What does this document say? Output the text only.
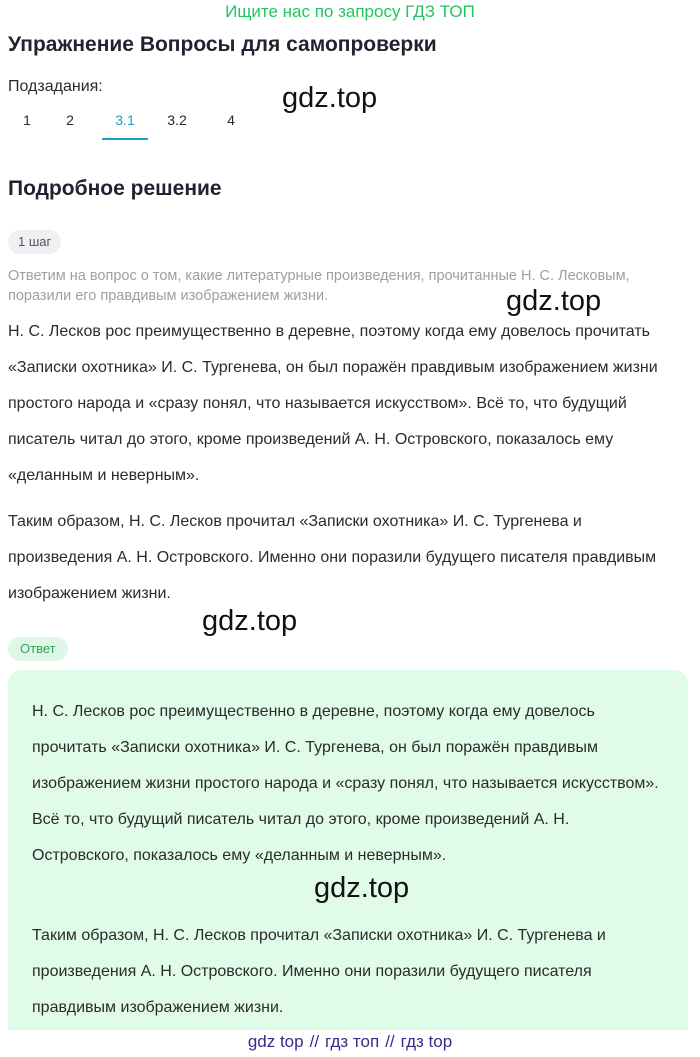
Ищите нас по запросу ГДЗ ТОП
Упражнение Вопросы для самопроверки
Подзадания:
1	2	3.1	3.2	4
gdz.top
Подробное решение
1 шаг

Ответим на вопрос о том, какие литературные произведения, прочитанные Н. С. Лесковым, поразили его правдивым изображением жизни.	gdz.top

Н. С. Лесков рос преимущественно в деревне, поэтому когда ему довелось прочитать «Записки охотника» И. С. Тургенева, он был поражён правдивым изображением жизни простого народа и «сразу понял, что называется искусством». Всё то, что будущий писатель читал до этого, кроме произведений А. Н. Островского, показалось ему «деланным и неверным».

Таким образом, Н. С. Лесков прочитал «Записки охотника» И. С. Тургенева и произведения А. Н. Островского. Именно они поразили будущего писателя правдивым изображением жизни.

gdz.top
Ответ

Н. С. Лесков рос преимущественно в деревне, поэтому когда ему довелось прочитать «Записки охотника» И. С. Тургенева, он был поражён правдивым изображением жизни простого народа и «сразу понял, что называется искусством». Всё то, что будущий писатель читал до этого, кроме произведений А. Н. Островского, показалось ему «деланным и неверным».

Таким образом, Н. С. Лесков прочитал «Записки охотника» И. С. Тургенева и произведения А. Н. Островского. Именно они поразили будущего писателя правдивым изображением жизни.

gdz.top
gdz top // гдз топ // гдз top
